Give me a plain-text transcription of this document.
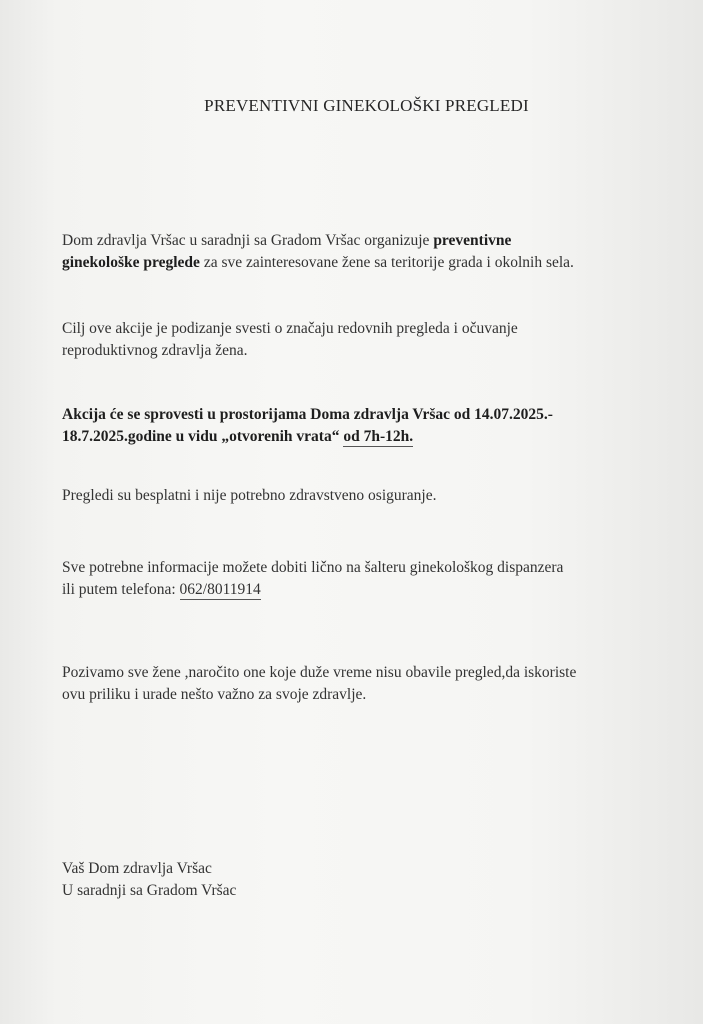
PREVENTIVNI GINEKOLOŠKI PREGLEDI
Dom zdravlja Vršac u saradnji sa Gradom Vršac organizuje preventivne
ginekološke preglede za sve zainteresovane žene sa teritorije grada i okolnih sela.
Cilj ove akcije je podizanje svesti o značaju redovnih pregleda i očuvanje
reproduktivnog zdravlja žena.
Akcija će se sprovesti u prostorijama Doma zdravlja Vršac od 14.07.2025.-
18.7.2025.godine u vidu „otvorenih vrata“ od 7h-12h.
Pregledi su besplatni i nije potrebno zdravstveno osiguranje.
Sve potrebne informacije možete dobiti lično na šalteru ginekološkog dispanzera
ili putem telefona: 062/8011914
Pozivamo sve žene ,naročito one koje duže vreme nisu obavile pregled,da iskoriste
ovu priliku i urade nešto važno za svoje zdravlje.
Vaš Dom zdravlja Vršac
U saradnji sa Gradom Vršac
